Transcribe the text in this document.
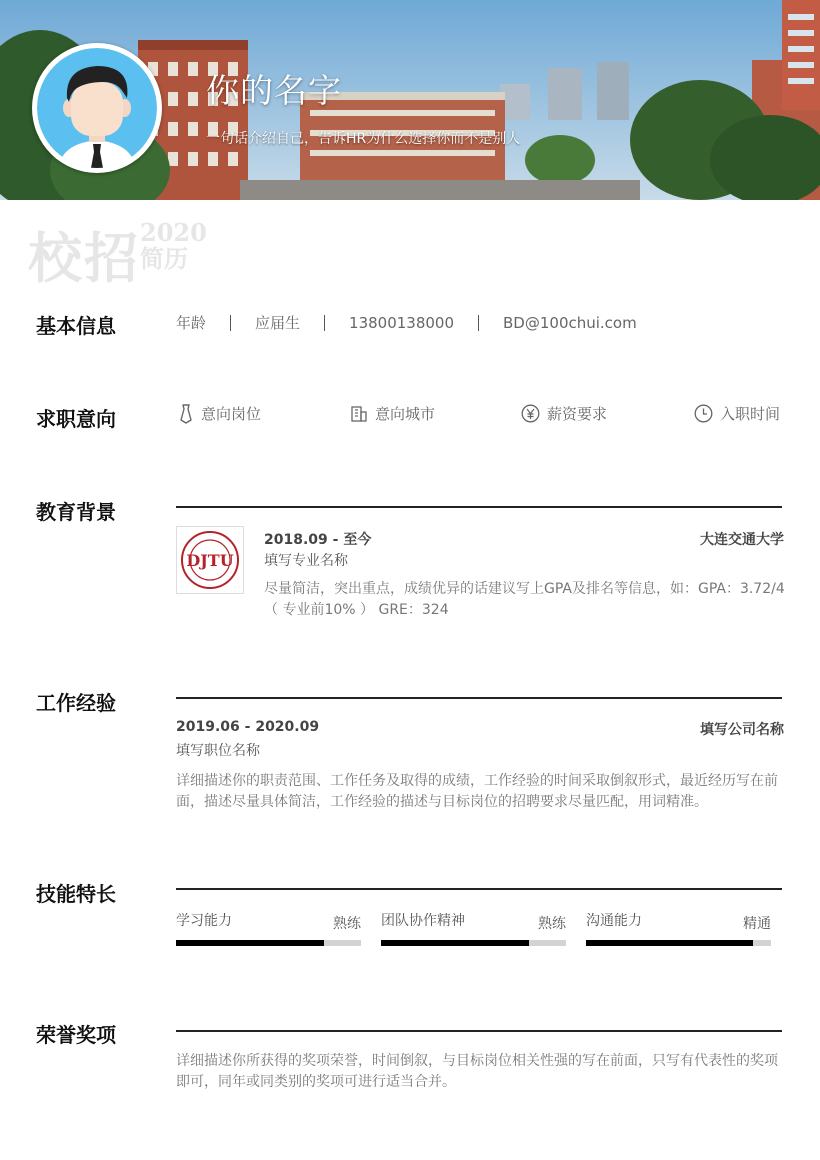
你的名字
一句话介绍自己，告诉HR为什么选择你而不是别人
校招 2020
简历
基本信息	年龄	应届生	13800138000	BD@100chui.com
求职意向	意向岗位	意向城市	薪资要求	入职时间
教育背景
DJTU
2018.09 - 至今	大连交通大学
填写专业名称
尽量简洁，突出重点，成绩优异的话建议写上GPA及排名等信息，如：GPA：3.72/4
（ 专业前10% ） GRE：324
工作经验
2019.06 - 2020.09	填写公司名称
填写职位名称
详细描述你的职责范围、工作任务及取得的成绩，工作经验的时间采取倒叙形式，最近经历写在前
面，描述尽量具体简洁，工作经验的描述与目标岗位的招聘要求尽量匹配，用词精准。
技能特长
学习能力	熟练 团队协作精神	熟练 沟通能力	精通
荣誉奖项
详细描述你所获得的奖项荣誉，时间倒叙，与目标岗位相关性强的写在前面，只写有代表性的奖项
即可，同年或同类别的奖项可进行适当合并。
